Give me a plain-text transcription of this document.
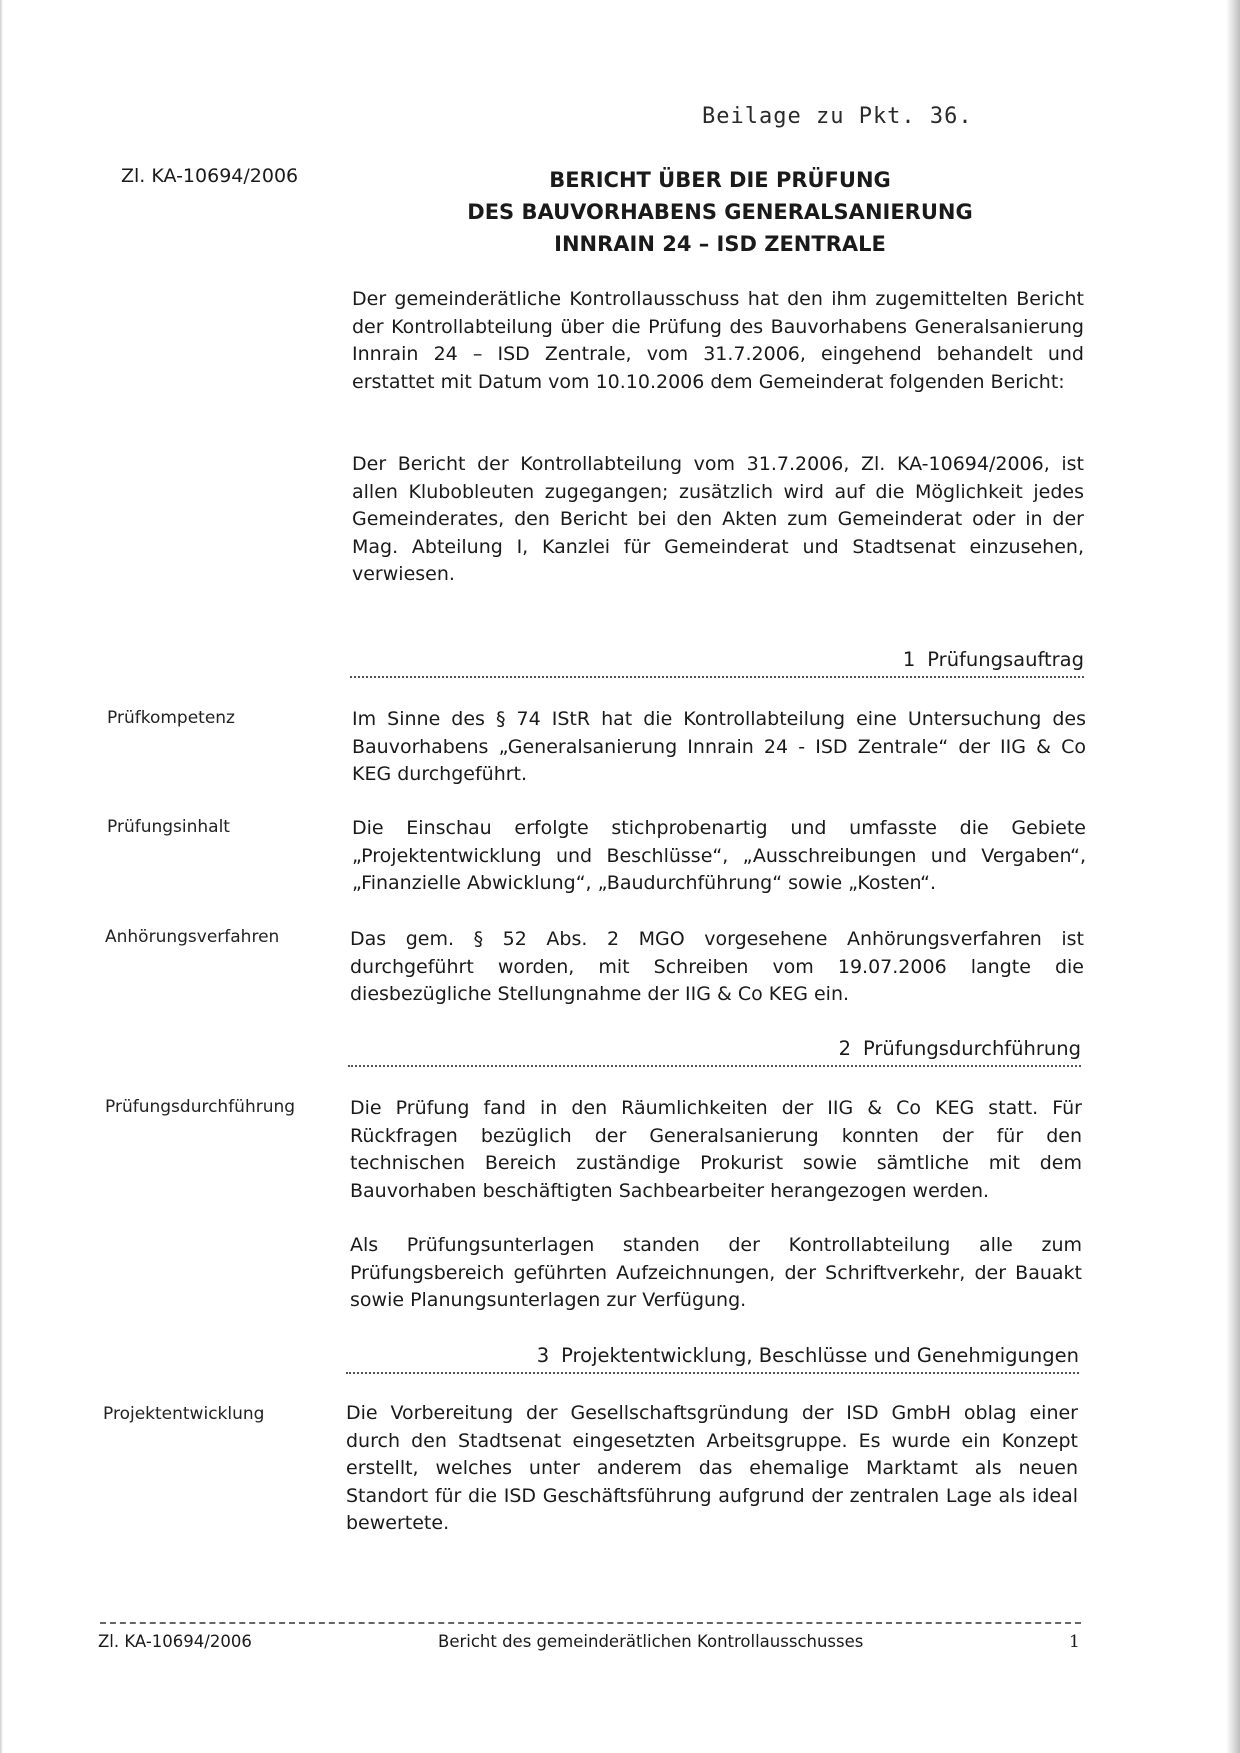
Beilage zu Pkt. 36.
Zl. KA-10694/2006	BERICHT ÜBER DIE PRÜFUNG
DES BAUVORHABENS GENERALSANIERUNG
INNRAIN 24 – ISD ZENTRALE

Der gemeinderätliche Kontrollausschuss hat den ihm zugemittelten Bericht der Kontrollabteilung über die Prüfung des Bauvorhabens Generalsanierung Innrain 24 – ISD Zentrale, vom 31.7.2006, eingehend behandelt und erstattet mit Datum vom 10.10.2006 dem Gemeinderat folgenden Bericht:

Der Bericht der Kontrollabteilung vom 31.7.2006, Zl. KA-10694/2006, ist allen Klubobleuten zugegangen; zusätzlich wird auf die Möglichkeit jedes Gemeinderates, den Bericht bei den Akten zum Gemeinderat oder in der Mag. Abteilung I, Kanzlei für Gemeinderat und Stadtsenat einzusehen, verwiesen.

1 Prüfungsauftrag
Prüfkompetenz	Im Sinne des § 74 IStR hat die Kontrollabteilung eine Untersuchung des Bauvorhabens „Generalsanierung Innrain 24 - ISD Zentrale“ der IIG & Co KEG durchgeführt.

Prüfungsinhalt	Die Einschau erfolgte stichprobenartig und umfasste die Gebiete „Projektentwicklung und Beschlüsse“, „Ausschreibungen und Vergaben“, „Finanzielle Abwicklung“, „Baudurchführung“ sowie „Kosten“.

Anhörungsverfahren	Das gem. § 52 Abs. 2 MGO vorgesehene Anhörungsverfahren ist durchgeführt worden, mit Schreiben vom 19.07.2006 langte die diesbezügliche Stellungnahme der IIG & Co KEG ein.

2 Prüfungsdurchführung
Prüfungsdurchführung	Die Prüfung fand in den Räumlichkeiten der IIG & Co KEG statt. Für Rückfragen bezüglich der Generalsanierung konnten der für den technischen Bereich zuständige Prokurist sowie sämtliche mit dem Bauvorhaben beschäftigten Sachbearbeiter herangezogen werden.

Als Prüfungsunterlagen standen der Kontrollabteilung alle zum Prüfungsbereich geführten Aufzeichnungen, der Schriftverkehr, der Bauakt sowie Planungsunterlagen zur Verfügung.

3 Projektentwicklung, Beschlüsse und Genehmigungen
Projektentwicklung	Die Vorbereitung der Gesellschaftsgründung der ISD GmbH oblag einer durch den Stadtsenat eingesetzten Arbeitsgruppe. Es wurde ein Konzept erstellt, welches unter anderem das ehemalige Marktamt als neuen Standort für die ISD Geschäftsführung aufgrund der zentralen Lage als ideal bewertete.

Zl. KA-10694/2006	Bericht des gemeinderätlichen Kontrollausschusses	1
